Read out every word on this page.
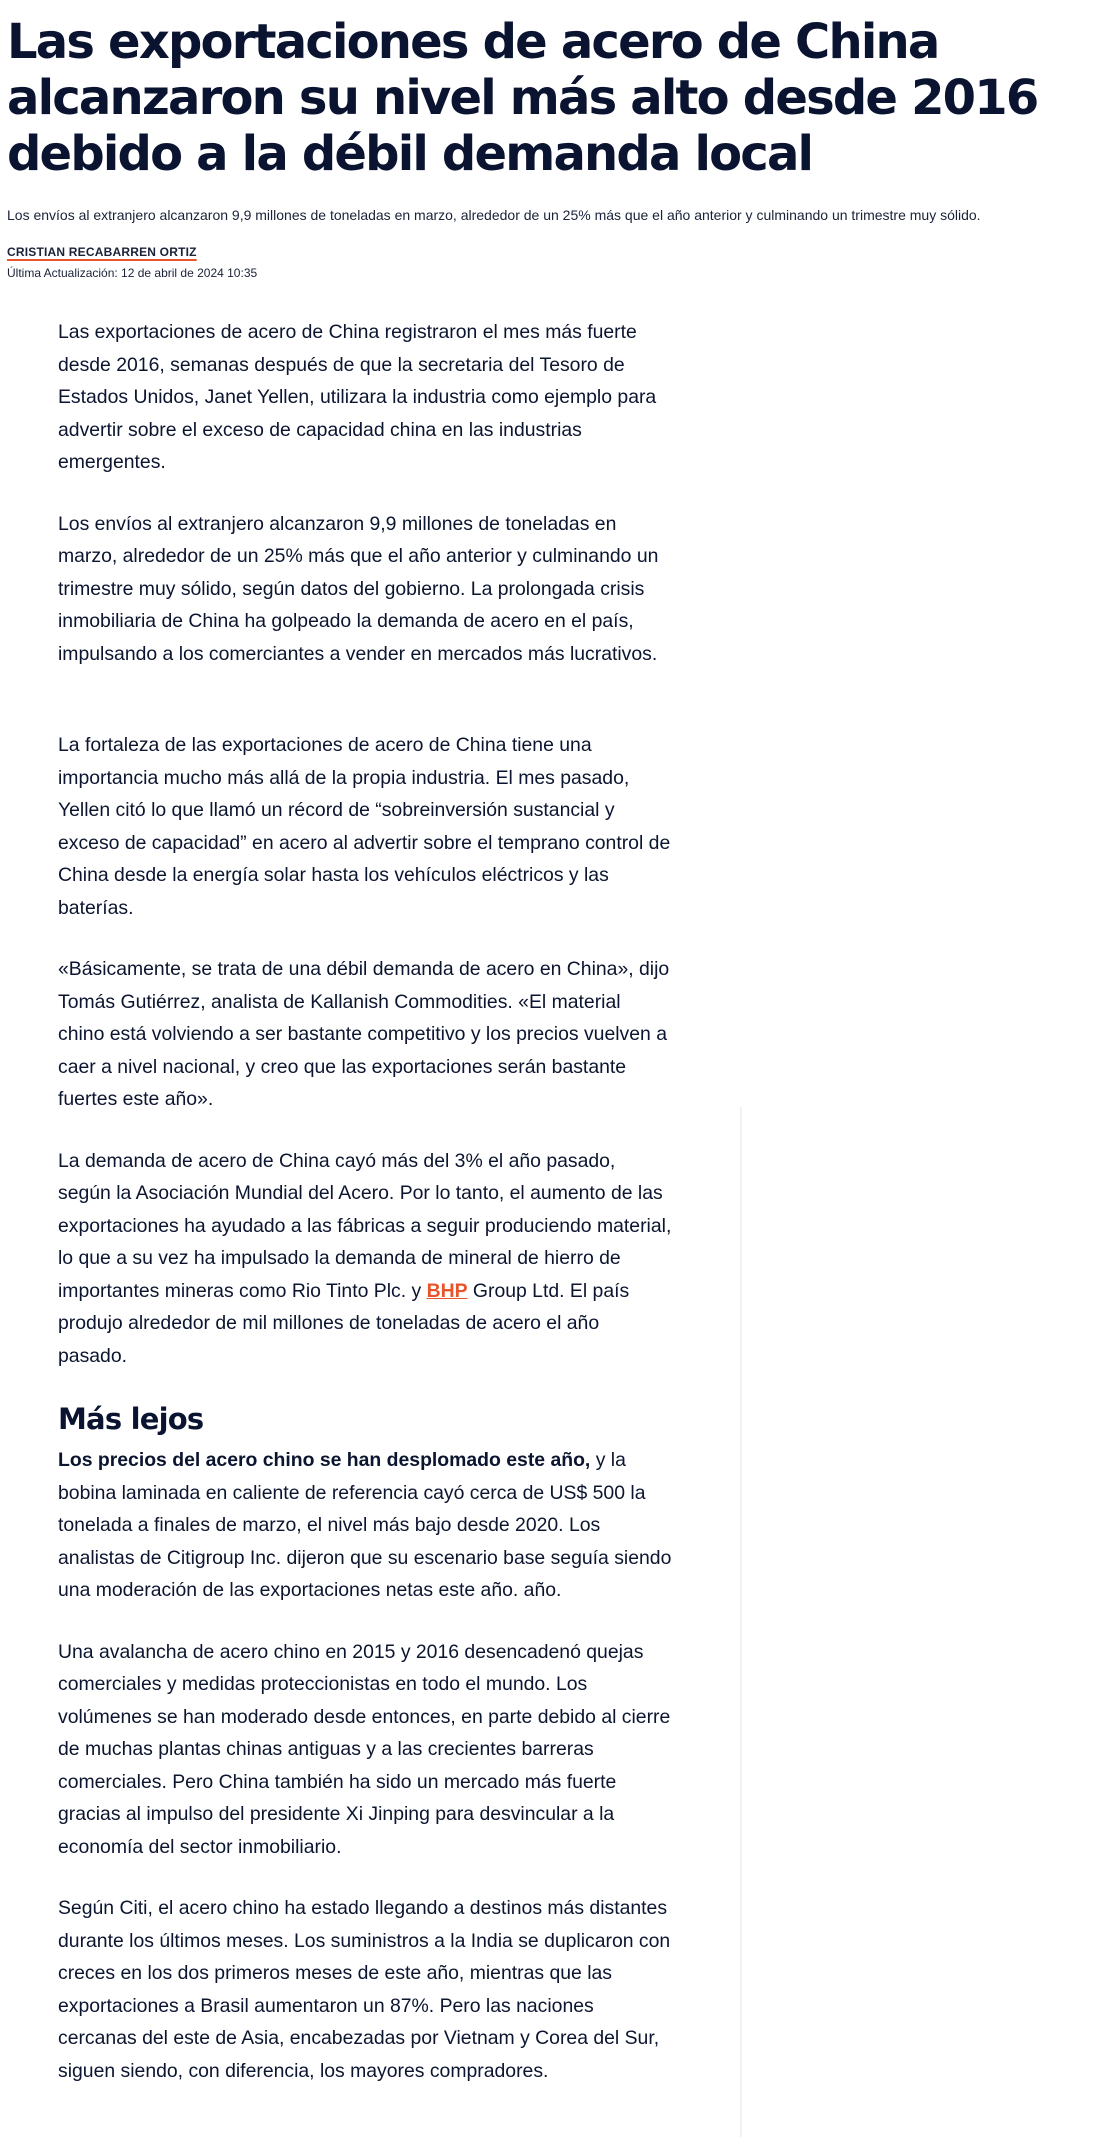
Las exportaciones de acero de China alcanzaron su nivel más alto desde 2016 debido a la débil demanda local

Los envíos al extranjero alcanzaron 9,9 millones de toneladas en marzo, alrededor de un 25% más que el año anterior y culminando un trimestre muy sólido.

CRISTIAN RECABARREN ORTIZ
Última Actualización: 12 de abril de 2024 10:35

Las exportaciones de acero de China registraron el mes más fuerte desde 2016, semanas después de que la secretaria del Tesoro de Estados Unidos, Janet Yellen, utilizara la industria como ejemplo para advertir sobre el exceso de capacidad china en las industrias emergentes.

Los envíos al extranjero alcanzaron 9,9 millones de toneladas en marzo, alrededor de un 25% más que el año anterior y culminando un trimestre muy sólido, según datos del gobierno. La prolongada crisis inmobiliaria de China ha golpeado la demanda de acero en el país, impulsando a los comerciantes a vender en mercados más lucrativos.

La fortaleza de las exportaciones de acero de China tiene una importancia mucho más allá de la propia industria. El mes pasado, Yellen citó lo que llamó un récord de “sobreinversión sustancial y exceso de capacidad” en acero al advertir sobre el temprano control de China desde la energía solar hasta los vehículos eléctricos y las baterías.

«Básicamente, se trata de una débil demanda de acero en China», dijo Tomás Gutiérrez, analista de Kallanish Commodities. «El material chino está volviendo a ser bastante competitivo y los precios vuelven a caer a nivel nacional, y creo que las exportaciones serán bastante fuertes este año».

La demanda de acero de China cayó más del 3% el año pasado, según la Asociación Mundial del Acero. Por lo tanto, el aumento de las exportaciones ha ayudado a las fábricas a seguir produciendo material, lo que a su vez ha impulsado la demanda de mineral de hierro de importantes mineras como Rio Tinto Plc. y BHP Group Ltd. El país produjo alrededor de mil millones de toneladas de acero el año pasado.

Más lejos

Los precios del acero chino se han desplomado este año, y la bobina laminada en caliente de referencia cayó cerca de US$ 500 la tonelada a finales de marzo, el nivel más bajo desde 2020. Los analistas de Citigroup Inc. dijeron que su escenario base seguía siendo una moderación de las exportaciones netas este año. año.

Una avalancha de acero chino en 2015 y 2016 desencadenó quejas comerciales y medidas proteccionistas en todo el mundo. Los volúmenes se han moderado desde entonces, en parte debido al cierre de muchas plantas chinas antiguas y a las crecientes barreras comerciales. Pero China también ha sido un mercado más fuerte gracias al impulso del presidente Xi Jinping para desvincular a la economía del sector inmobiliario.

Según Citi, el acero chino ha estado llegando a destinos más distantes durante los últimos meses. Los suministros a la India se duplicaron con creces en los dos primeros meses de este año, mientras que las exportaciones a Brasil aumentaron un 87%. Pero las naciones cercanas del este de Asia, encabezadas por Vietnam y Corea del Sur, siguen siendo, con diferencia, los mayores compradores.
